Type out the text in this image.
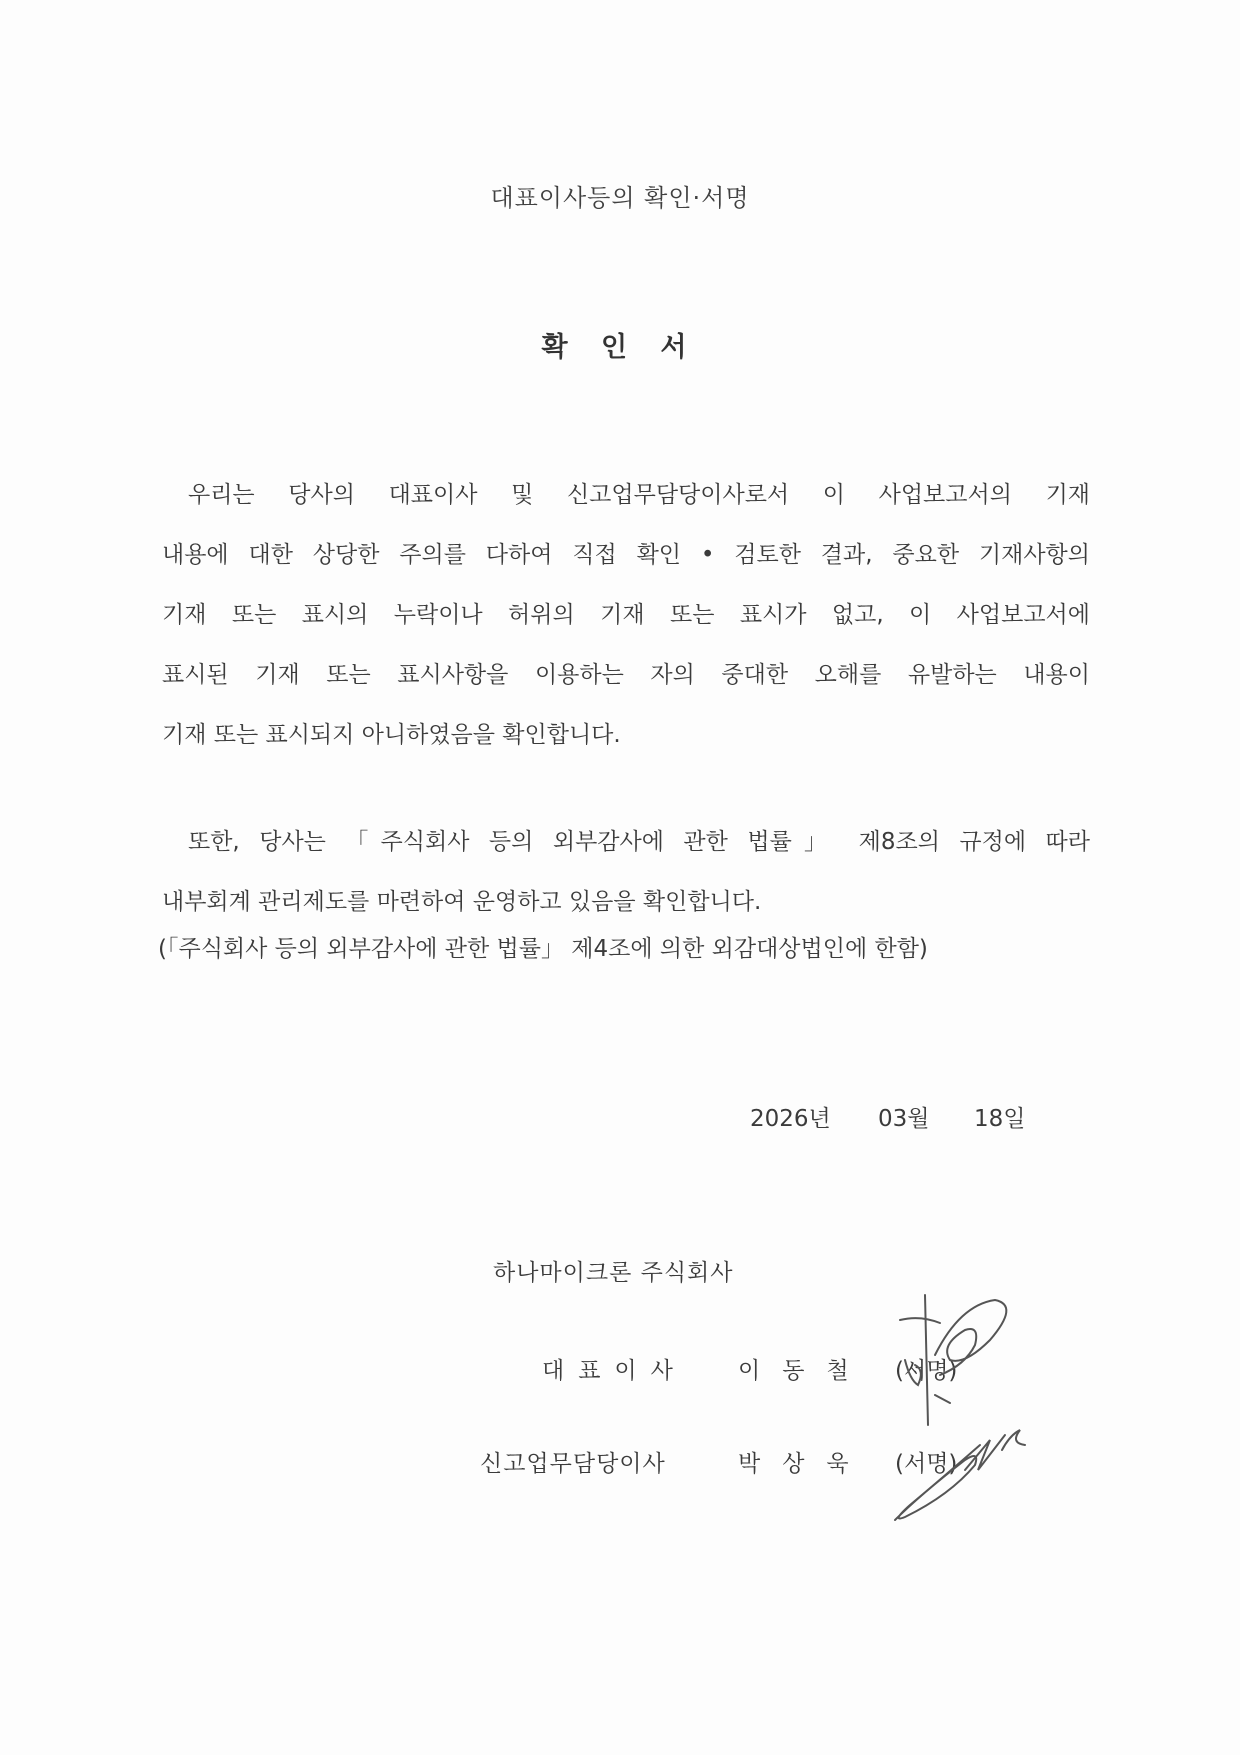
대표이사등의 확인·서명
확 인 서
우리는 당사의 대표이사 및 신고업무담당이사로서 이 사업보고서의 기재
내용에 대한 상당한 주의를 다하여 직접 확인 • 검토한 결과, 중요한 기재사항의
기재 또는 표시의 누락이나 허위의 기재 또는 표시가 없고, 이 사업보고서에
표시된 기재 또는 표시사항을 이용하는 자의 중대한 오해를 유발하는 내용이
기재 또는 표시되지 아니하였음을 확인합니다.
또한, 당사는 「주식회사 등의 외부감사에 관한 법률」 제8조의 규정에 따라
내부회계 관리제도를 마련하여 운영하고 있음을 확인합니다.
(「주식회사 등의 외부감사에 관한 법률」 제4조에 의한 외감대상법인에 한함)
2026년	03월	18일
하나마이크론 주식회사
대표이사 이동철 (서명)
신고업무담당이사	박상욱 (서명)
